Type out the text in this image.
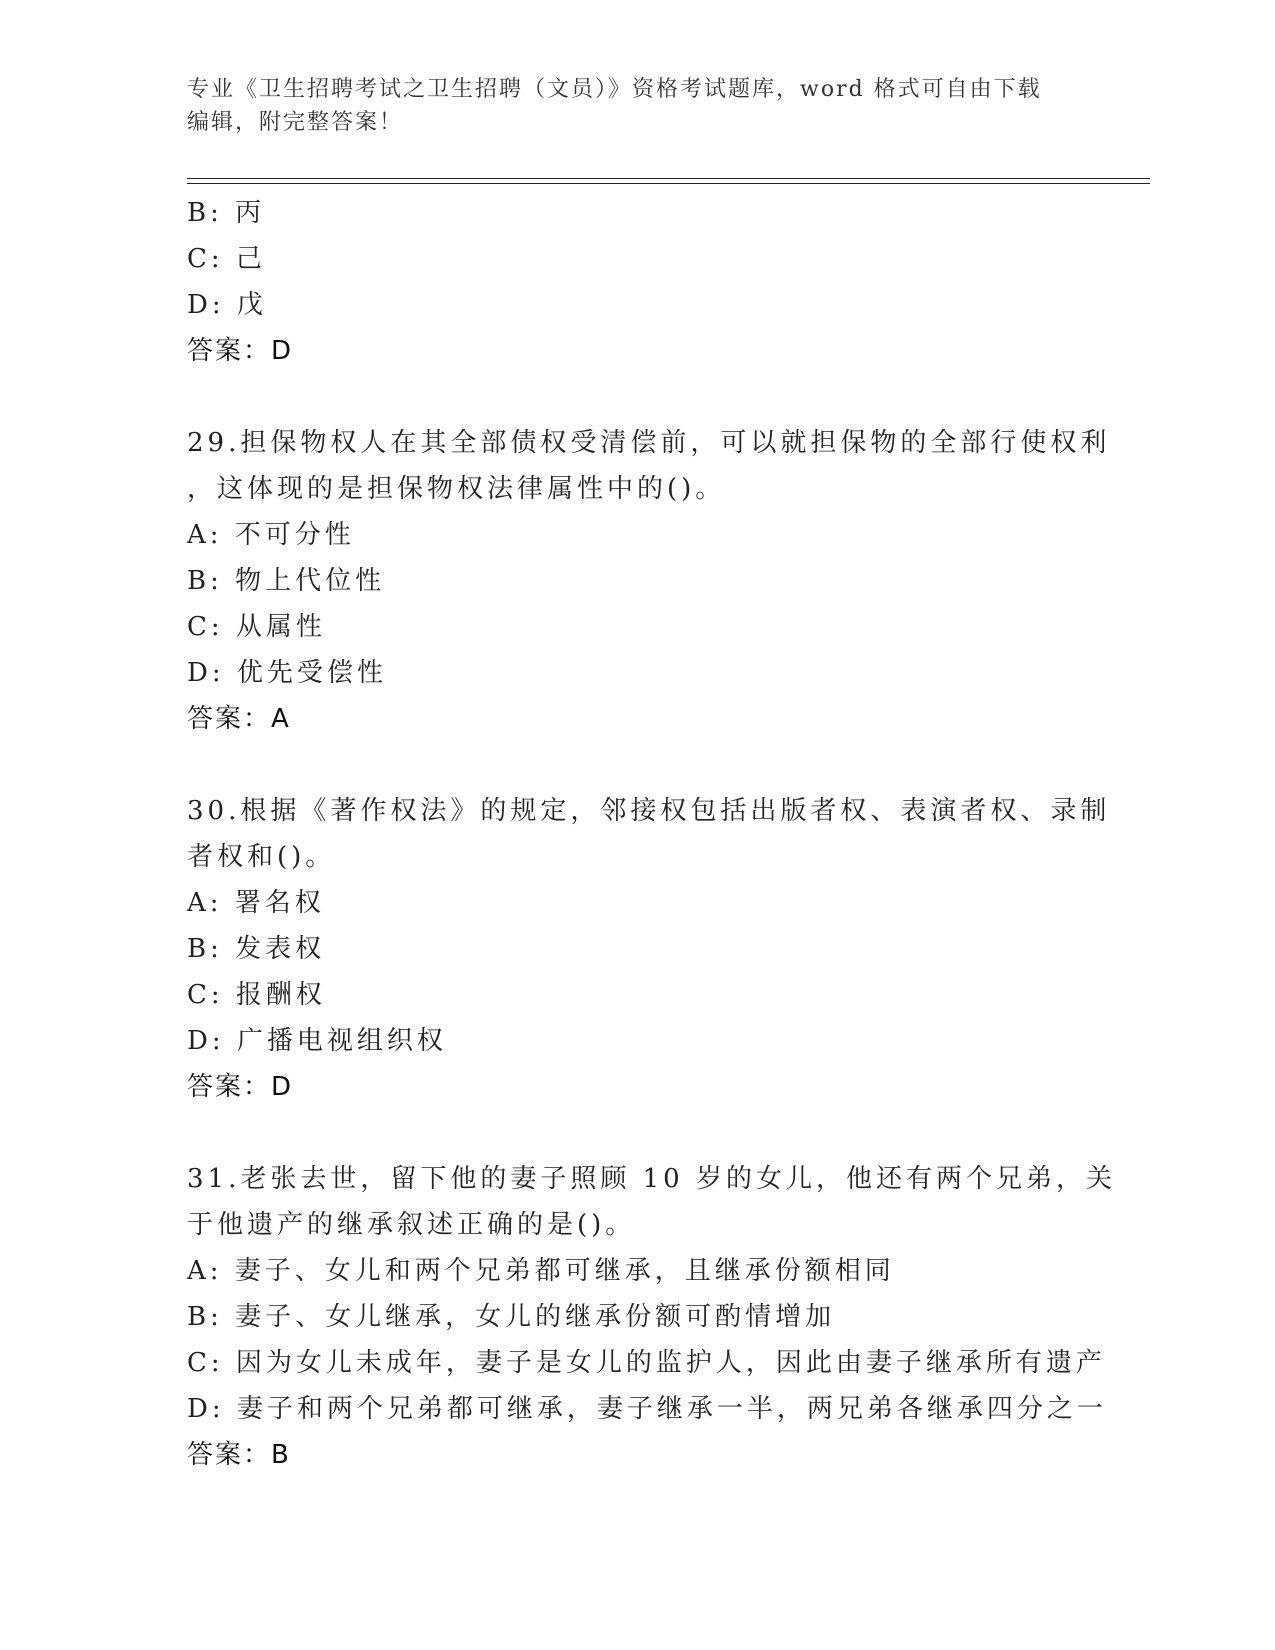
专业《卫生招聘考试之卫生招聘（文员）》资格考试题库，word 格式可自由下载
编辑，附完整答案！
B: 丙
C: 己
D: 戊
答案：D
29.担保物权人在其全部债权受清偿前，可以就担保物的全部行使权利
，这体现的是担保物权法律属性中的()。
A: 不可分性
B: 物上代位性
C: 从属性
D: 优先受偿性
答案：A
30.根据《著作权法》的规定，邻接权包括出版者权、表演者权、录制
者权和()。
A: 署名权
B: 发表权
C: 报酬权
D: 广播电视组织权
答案：D
31.老张去世，留下他的妻子照顾 10 岁的女儿，他还有两个兄弟，关
于他遗产的继承叙述正确的是()。
A: 妻子、女儿和两个兄弟都可继承，且继承份额相同
B: 妻子、女儿继承，女儿的继承份额可酌情增加
C: 因为女儿未成年，妻子是女儿的监护人，因此由妻子继承所有遗产
D: 妻子和两个兄弟都可继承，妻子继承一半，两兄弟各继承四分之一
答案：B
